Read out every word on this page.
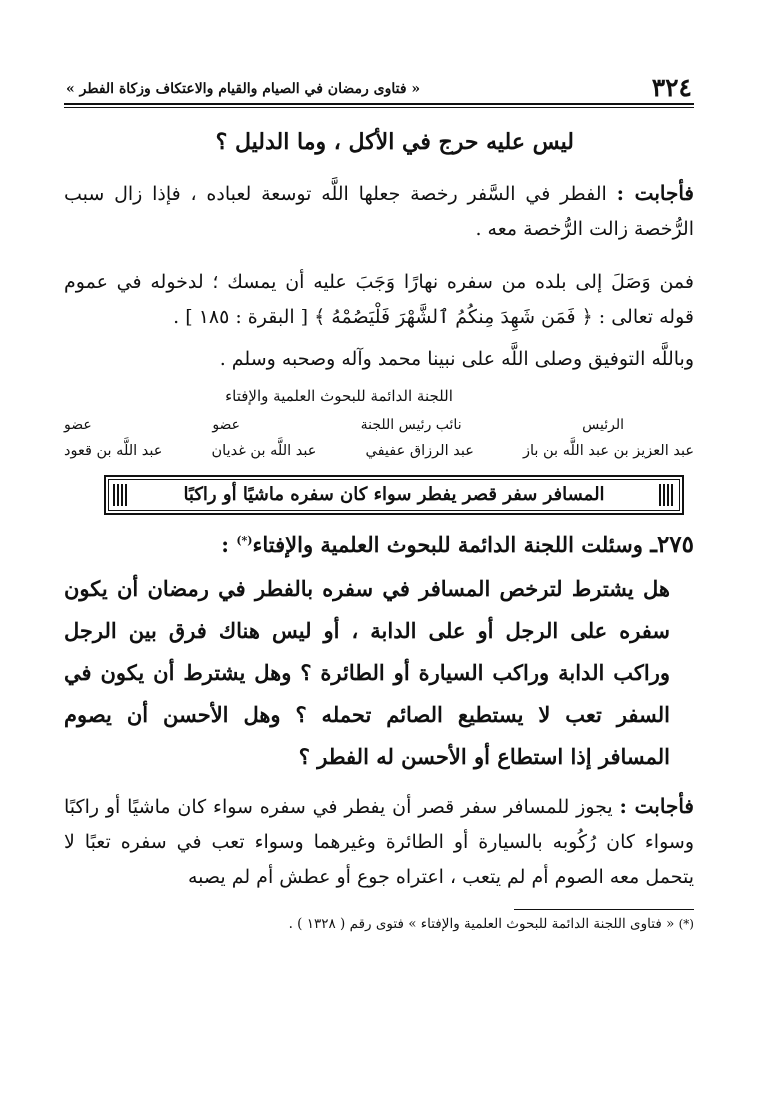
٣٢٤
« فتاوى رمضان في الصيام والقيام والاعتكاف وزكاة الفطر »

ليس عليه حرج في الأكل ، وما الدليل ؟

فأجابت : الفطر في السَّفر رخصة جعلها اللَّه توسعة لعباده ، فإذا زال سبب الرُّخصة زالت الرُّخصة معه .

فمن وَصَلَ إلى بلده من سفره نهارًا وَجَبَ عليه أن يمسك ؛ لدخوله في عموم قوله تعالى : ﴿ فَمَن شَهِدَ مِنكُمُ ٱلشَّهْرَ فَلْيَصُمْهُ ﴾ [ البقرة : ١٨٥ ] .

وباللَّه التوفيق وصلى اللَّه على نبينا محمد وآله وصحبه وسلم .

اللجنة الدائمة للبحوث العلمية والإفتاء

الرئيس
نائب رئيس اللجنة
عضو
عضو
عبد العزيز بن عبد اللَّه بن باز
عبد الرزاق عفيفي
عبد اللَّه بن غديان
عبد اللَّه بن قعود
المسافر سفر قصر يفطر سواء كان سفره ماشيًا أو راكبًا

٢٧٥ـ وسئلت اللجنة الدائمة للبحوث العلمية والإفتاء(*) :

هل يشترط لترخص المسافر في سفره بالفطر في رمضان أن يكون سفره على الرجل أو على الدابة ، أو ليس هناك فرق بين الرجل وراكب الدابة وراكب السيارة أو الطائرة ؟ وهل يشترط أن يكون في السفر تعب لا يستطيع الصائم تحمله ؟ وهل الأحسن أن يصوم المسافر إذا استطاع أو الأحسن له الفطر ؟

فأجابت : يجوز للمسافر سفر قصر أن يفطر في سفره سواء كان ماشيًا أو راكبًا وسواء كان رُكُوبه بالسيارة أو الطائرة وغيرهما وسواء تعب في سفره تعبًا لا يتحمل معه الصوم أم لم يتعب ، اعتراه جوع أو عطش أم لم يصبه

(*) « فتاوى اللجنة الدائمة للبحوث العلمية والإفتاء » فتوى رقم ( ١٣٢٨ ) .
